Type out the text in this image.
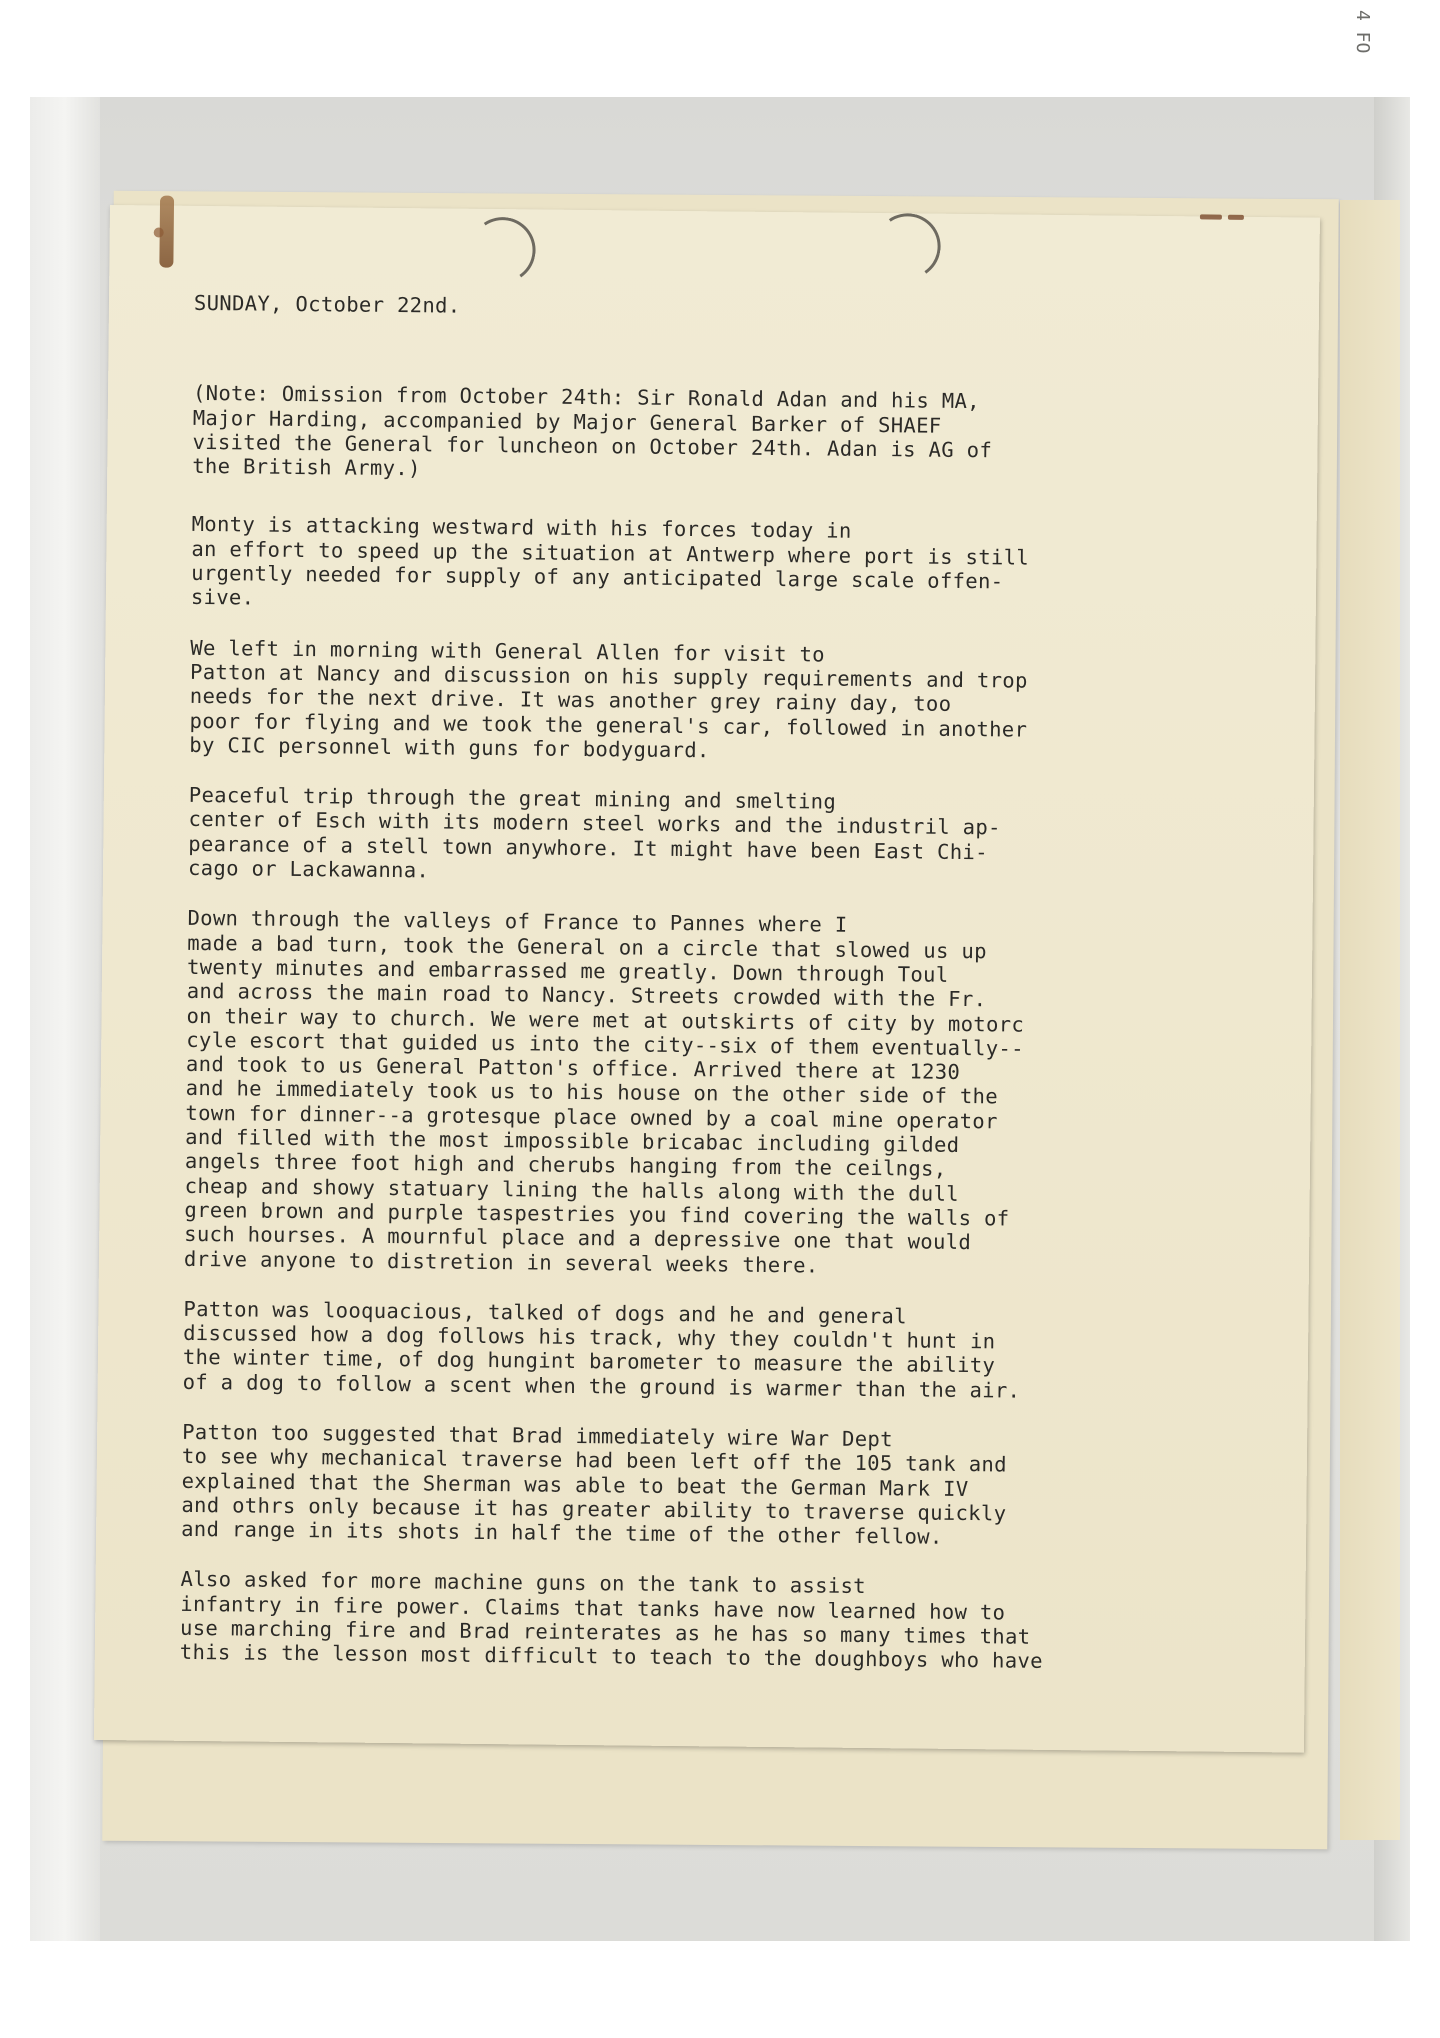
4 FO
SUNDAY, October 22nd.

(Note: Omission from October 24th: Sir Ronald Adan and his MA,
Major Harding, accompanied by Major General Barker of SHAEF
visited the General for luncheon on October 24th. Adan is AG of
the British Army.)

Monty is attacking westward with his forces today in
an effort to speed up the situation at Antwerp where port is still
urgently needed for supply of any anticipated large scale offen-
sive.

We left in morning with General Allen for visit to
Patton at Nancy and discussion on his supply requirements and trop
needs for the next drive. It was another grey rainy day, too
poor for flying and we took the general's car, followed in another
by CIC personnel with guns for bodyguard.

Peaceful trip through the great mining and smelting
center of Esch with its modern steel works and the industril ap-
pearance of a stell town anywhore. It might have been East Chi-
cago or Lackawanna.

Down through the valleys of France to Pannes where I
made a bad turn, took the General on a circle that slowed us up
twenty minutes and embarrassed me greatly. Down through Toul
and across the main road to Nancy. Streets crowded with the Fr.
on their way to church. We were met at outskirts of city by motorc
cyle escort that guided us into the city--six of them eventually--
and took to us General Patton's office. Arrived there at 1230
and he immediately took us to his house on the other side of the
town for dinner--a grotesque place owned by a coal mine operator
and filled with the most impossible bricabac including gilded
angels three foot high and cherubs hanging from the ceilngs,
cheap and showy statuary lining the halls along with the dull
green brown and purple taspestries you find covering the walls of
such hourses. A mournful place and a depressive one that would
drive anyone to distretion in several weeks there.

Patton was looquacious, talked of dogs and he and general
discussed how a dog follows his track, why they couldn't hunt in
the winter time, of dog hungint barometer to measure the ability
of a dog to follow a scent when the ground is warmer than the air.

Patton too suggested that Brad immediately wire War Dept
to see why mechanical traverse had been left off the 105 tank and
explained that the Sherman was able to beat the German Mark IV
and othrs only because it has greater ability to traverse quickly
and range in its shots in half the time of the other fellow.

Also asked for more machine guns on the tank to assist
infantry in fire power. Claims that tanks have now learned how to
use marching fire and Brad reinterates as he has so many times that
this is the lesson most difficult to teach to the doughboys who have
